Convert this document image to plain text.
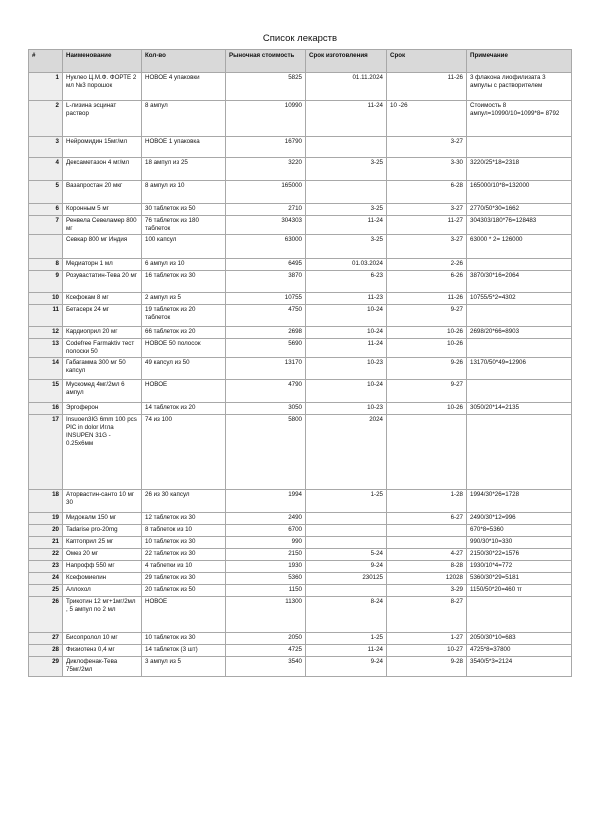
Список лекарств
#	Наименование	Кол-во	Рыночная стоимость	Срок изготовления	Срок	Примечание
1	Нуклео Ц.М.Ф. ФОРТЕ 2 мл №3 порошок	НОВОЕ 4 упаковки	5825	01.11.2024	11-26	3 флакона лиофилизата 3 ампулы с растворителем
2	L-лизина эсцинат раствор	8 ампул	10990	11-24	10 -26	Стоимость 8 ампул=10990/10=1099*8= 8792
3	Нейромидин 15мг/мл	НОВОЕ 1 упаковка	16790		3-27	

4	Дексаметазон 4 мг/мл	18 ампул из 25	3220	3-25	3-30	3220/25*18=2318
5	Вазапростан 20 мкг	8 ампул из 10	165000		6-28	165000/10*8=132000
6	Коронным 5 мг	30 таблеток из 50	2710	3-25	3-27	2770/50*30=1662
7	Ренвела Севеламер 800 мг	76 таблеток из 180 таблеток	304303	11-24	11-27	304303/180*76=128483
	Севкар 800 мг Индия	100 капсул	63000	3-25	3-27	63000 * 2= 126000
8	Медиаторн 1 мл	6 ампул из 10	6495	01.03.2024	2-26	

9	Розувастатин-Тева 20 мг	16 таблеток из 30	3870	6-23	6-26	3870/30*16=2064
10	Ксефокам 8 мг	2 ампул из 5	10755	11-23	11-26	10755/5*2=4302
11	Бетасерк 24 мг	19 таблеток из 20 таблеток	4750	10-24	9-27	

12	Кардиоприл 20 мг	66 таблеток из 20	2698	10-24	10-26	2698/20*66=8903
13	Codefree Farmaktiv тест полоски 50	НОВОЕ 50 полосок	5690	11-24	10-26	

14	Габагамма 300 мг 50 капсул	49 капсул из 50	13170	10-23	9-26	13170/50*49=12906
15	Мускомед 4мг/2мл 6 ампул	НОВОЕ	4790	10-24	9-27	

16	Эргоферон	14 таблеток из 20	3050	10-23	10-26	3050/20*14=2135
17	Insuoen3IG 6mm 100 pcs PIC in dolor Игла INSUPEN 31G - 0.25х6мм	74 из 100	5800	2024	

18	Аторвастин-санто 10 мг 30	26 из 30 капсул	1994	1-25	1-28	1994/30*26=1728
19	Мидокалм 150 мг	12 таблеток из 30	2490		6-27	2490/30*12=996
20	Tadarise pro-20mg	8 таблеток из 10	6700			670*8=5360
21	Каптоприл 25 мг	10 таблеток из 30	990			990/30*10=330
22	Омез 20 мг	22 таблеток из 30	2150	5-24	4-27	2150/30*22=1576
23	Напрофф 550 мг	4 таблетки из 10	1930	9-24	8-28	1930/10*4=772
24	Ксефомиелин	29 таблеток из 30	5360	230125	12028	5360/30*29=5181
25	Аллохол	20 таблеток из 50	1150		3-29	1150/50*20=460 тг
26	Трикотин 12 мг+1мг/2мл , 5 ампул по 2 мл	НОВОЕ	11300	8-24	8-27	

27	Бисопролол 10 мг	10 таблеток из 30	2050	1-25	1-27	2050/30*10=683
28	Физиотенз 0,4 мг	14 таблеток (3 шт)	4725	11-24	10-27	4725*8=37800
29	Диклофенак-Тева 75мг/2мл	3 ампул из 5	3540	9-24	9-28	3540/5*3=2124
